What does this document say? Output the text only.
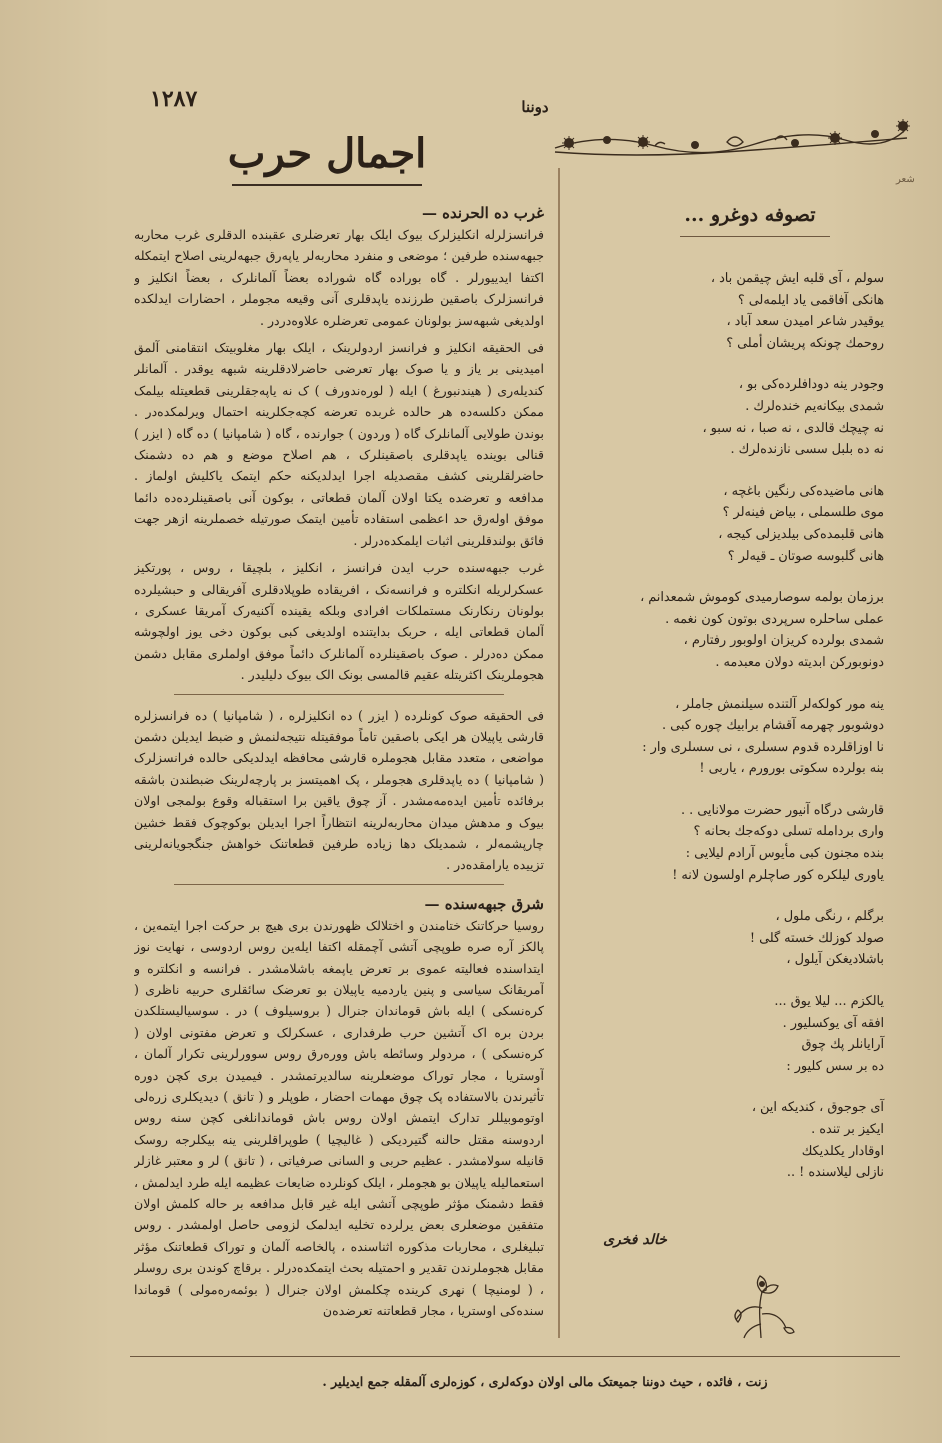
١٢٨٧	دوننا
شعر
اجمال حرب
غرب ده الحرنده —

فرانسزلرله انکلیزلرک بیوک ایلک بهار تعرضلری عقبنده الدقلری غرب محاربه جبهه‌سنده طرفین ؛ موضعی و منفرد محاربه‌لر یاپه‌رق جبهه‌لرینی اصلاح ایتمکله اکتفا ایدییورلر . گاه بوراده گاه شوراده بعضاً آلمانلرک ، بعضاً انکلیز و فرانسزلرک باصقین طرزنده یاپدقلری آنی وقیعه مجوملر ، احضارات ایدلکده اولدیغی شبهه‌سز بولونان عمومی تعرضلره علاوه‌دردر .

فی الحقیقه انکلیز و فرانسز اردولرینک ، ایلک بهار مغلوبیتک انتقامنی آلمق امیدینی بر یاز و یا صوک بهار تعرضی حاضرلادقلرینه شبهه یوقدر . آلمانلر کندیله‌ری ( هیندنبورغ ) ایله ( لوره‌ندورف ) ک نه یاپه‌جقلرینی قطعیتله بیلمک ممکن دکلسه‌ده هر حالده غربده تعرضه کچه‌جکلرینه احتمال ویرلمکده‌در . بوندن طولایی آلمانلرک گاه ( وردون ) جوارنده ، گاه ( شامپانیا ) ده گاه ( ایزر ) قنالی بوینده یاپدقلری باصقینلرک ، هم اصلاح موضع و هم ده دشمنک حاضرلقلرینی کشف مقصدیله اجرا ایدلدیکنه حکم ایتمک یاکلیش اولماز . مدافعه و تعرضده یکتا اولان آلمان قطعاتی ، بوکون آنی باصقینلرده‌ده دائما موفق اوله‌رق حد اعظمی استفاده تأمین ایتمک صورتیله خصملرینه ازهر جهت فائق بولندقلرینی اثبات ایلمکده‌درلر .

غرب جبهه‌سنده حرب ایدن فرانسز ، انکلیز ، بلچیقا ، روس ، پورتکیز عسکرلریله انکلتره و فرانسه‌نک ، افریقاده طوپلادقلری آفریقالی و حبشیلرده بولونان رنکارنک مستملکات افرادی وبلکه یقینده آکنیه‌رک آمریقا عسکری ، آلمان قطعاتی ایله ، حربک بدایتنده اولدیغی کبی بوکون دخی یوز اولچوشه ممکن ده‌درلر . صوک باصقینلرده آلمانلرک دائماً موفق اولملری مقابل دشمن هجوملرینک اکثریتله عقیم قالمسی بونک الک بیوک دلیلیدر .

فی الحقیقه صوک کونلرده ( ایزر ) ده انکلیزلره ، ( شامپانیا ) ده فرانسزلره قارشی یاپیلان هر ایکی باصقین تاماً موفقیتله نتیجه‌لنمش و ضبط ایدیلن دشمن مواضعی ، متعدد مقابل هجوملره قارشی محافظه ایدلدیکی حالده فرانسزلرک ( شامپانیا ) ده یاپدقلری هجوملر ، پک اهمیتسز بر پارچه‌لرینک ضبطندن باشقه برفائده تأمین ایده‌مه‌مشدر . آز چوق یاقین برا استقباله وقوع بولمجی اولان بیوک و مدهش میدان محاربه‌لرینه انتظاراً اجرا ایدیلن بوکوچوک فقط خشین چارپشمه‌لر ، شمدیلک دها زیاده طرفین قطعاتنک خواهش جنگجویانه‌لرینی تزییده یارامقده‌در .

شرق جبهه‌سنده —

روسیا حرکاتنک ختامندن و اختلالک ظهورندن بری هیچ بر حرکت اجرا ایتمه‌ین ، پالکز آره صره طوپچی آتشی آچمقله اکتفا ایله‌ین روس اردوسی ، نهایت نوز ایتداسنده فعالیته عموی بر تعرض یاپمغه باشلامشدر . فرانسه و انکلتره و آمریقانک سیاسی و پنین یاردمیه یاپیلان بو تعرضک سائقلری حربیه ناظری ( کره‌نسکی ) ایله باش قوماندان جنرال ( بروسیلوف ) در . سوسیالیستلکدن بردن بره اک آتشین حرب طرفداری ، عسکرلک و تعرض مفتونی اولان ( کره‌نسکی ) ، مردولر وسائطه باش ووره‌رق روس سوورلرینی تکرار آلمان ، آوستریا ، مجار توراک موضعلرینه سالدیرتمشدر . فیمیدن بری کچن دوره تأثیرندن بالاستفاده پک چوق مهمات احضار ، طوپلر و ( تانق ) دیدیکلری زره‌لی اوتوموبیللر تدارک ایتمش اولان روس باش قوماندانلغی کچن سنه روس اردوسنه مقتل حالنه گتیردیکی ( غالیچیا ) طوپراقلرینی ینه بیکلرجه روسک قانیله سولامشدر . عظیم حربی و السانی صرفیاتی ، ( تانق ) لر و معتبر غازلر استعمالیله یاپیلان بو هجوملر ، ایلک کونلرده ضایعات عظیمه ایله طرد ایدلمش ، فقط دشمنک مؤثر طوپچی آتشی ایله غیر قابل مدافعه بر حاله کلمش اولان متفقین موضعلری بعض یرلرده تخلیه ایدلمک لزومی حاصل اولمشدر . روس تبلیغلری ، محاربات مذکوره اثناسنده ، پالخاصه آلمان و توراک قطعاتنک مؤثر مقابل هجوملرندن تقدیر و احمتیله بحث ایتمکده‌درلر . برقاچ کوندن بری روسلر ، ( لومنیچا ) نهری کرینده چکلمش اولان جنرال ( بوئمه‌ره‌مولی ) قوماندا سنده‌کی اوستریا ، مجار قطعاتنه تعرضده‌ن

تصوفه دوغرو ...
سولم ، آی قلبه ایش چیقمن باد ،
هانکی آفاقمی یاد ایلمه‌لی ؟
یوقیدر شاعر امیدن سعد آباد ،
روحمك چونکه پریشان أملی ؟
وجودر ینه دودافلرده‌کی بو ،
شمدی بیکانه‌یم خنده‌لرك .
نه چیچك قالدی ، نه صبا ، نه سبو ،
نه ده بلبل سسی نازنده‌لرك .
هانی ماضیده‌کی رنگین باغچه ،
موی طلسملی ، بیاض فینه‌لر ؟
هانی قلبمده‌کی بیلدیزلی کیجه ،
هانی گلبوسه صوتان ـ قیه‌لر ؟
برزمان بولمه سوصارمیدی کوموش شمعدانم ،
عملی ساحلره سرپردی بوتون کون نغمه .
شمدی بولرده کریزان اولوبور رفتارم ،
دونوبورکن ابدیته دولان معبدمه .
ینه مور کولکه‌لر آلتنده سیلنمش جاملر ،
دوشوبور چهرمه آقشام برابیك چوره کبی .
نا اوزاقلرده قدوم سسلری ، نی سسلری وار :
بنه بولرده سکوتی بورورم ، یاربی !
قارشی درگاه آنیور حضرت مولانایی . .
واری بردامله تسلی دوکه‌جك بحانه ؟
بنده مجنون کبی مأیوس آرادم لیلایی :
یاوری لیلکره کور صاچلرم اولسون لانه !
برگلم ، رنگی ملول ،
صولد کوزلك خسته گلی !
باشلادیغکن آیلول ،
یالکزم ... لیلا یوق ...
افقه آی یوکسلیور .
آرایانلر پك چوق
ده بر سس کلیور :
آی جوجوق ، کندیکه این ،
ایکیز بر تنده .
اوقادار یکلدیکك
نازلی لیلاسنده ! ..
خالد فخری
زنت ، فائده ، حیث دوننا جمیعتک مالی اولان دوکه‌لری ، کوزه‌لری آلمقله جمع ایدیلیر .
